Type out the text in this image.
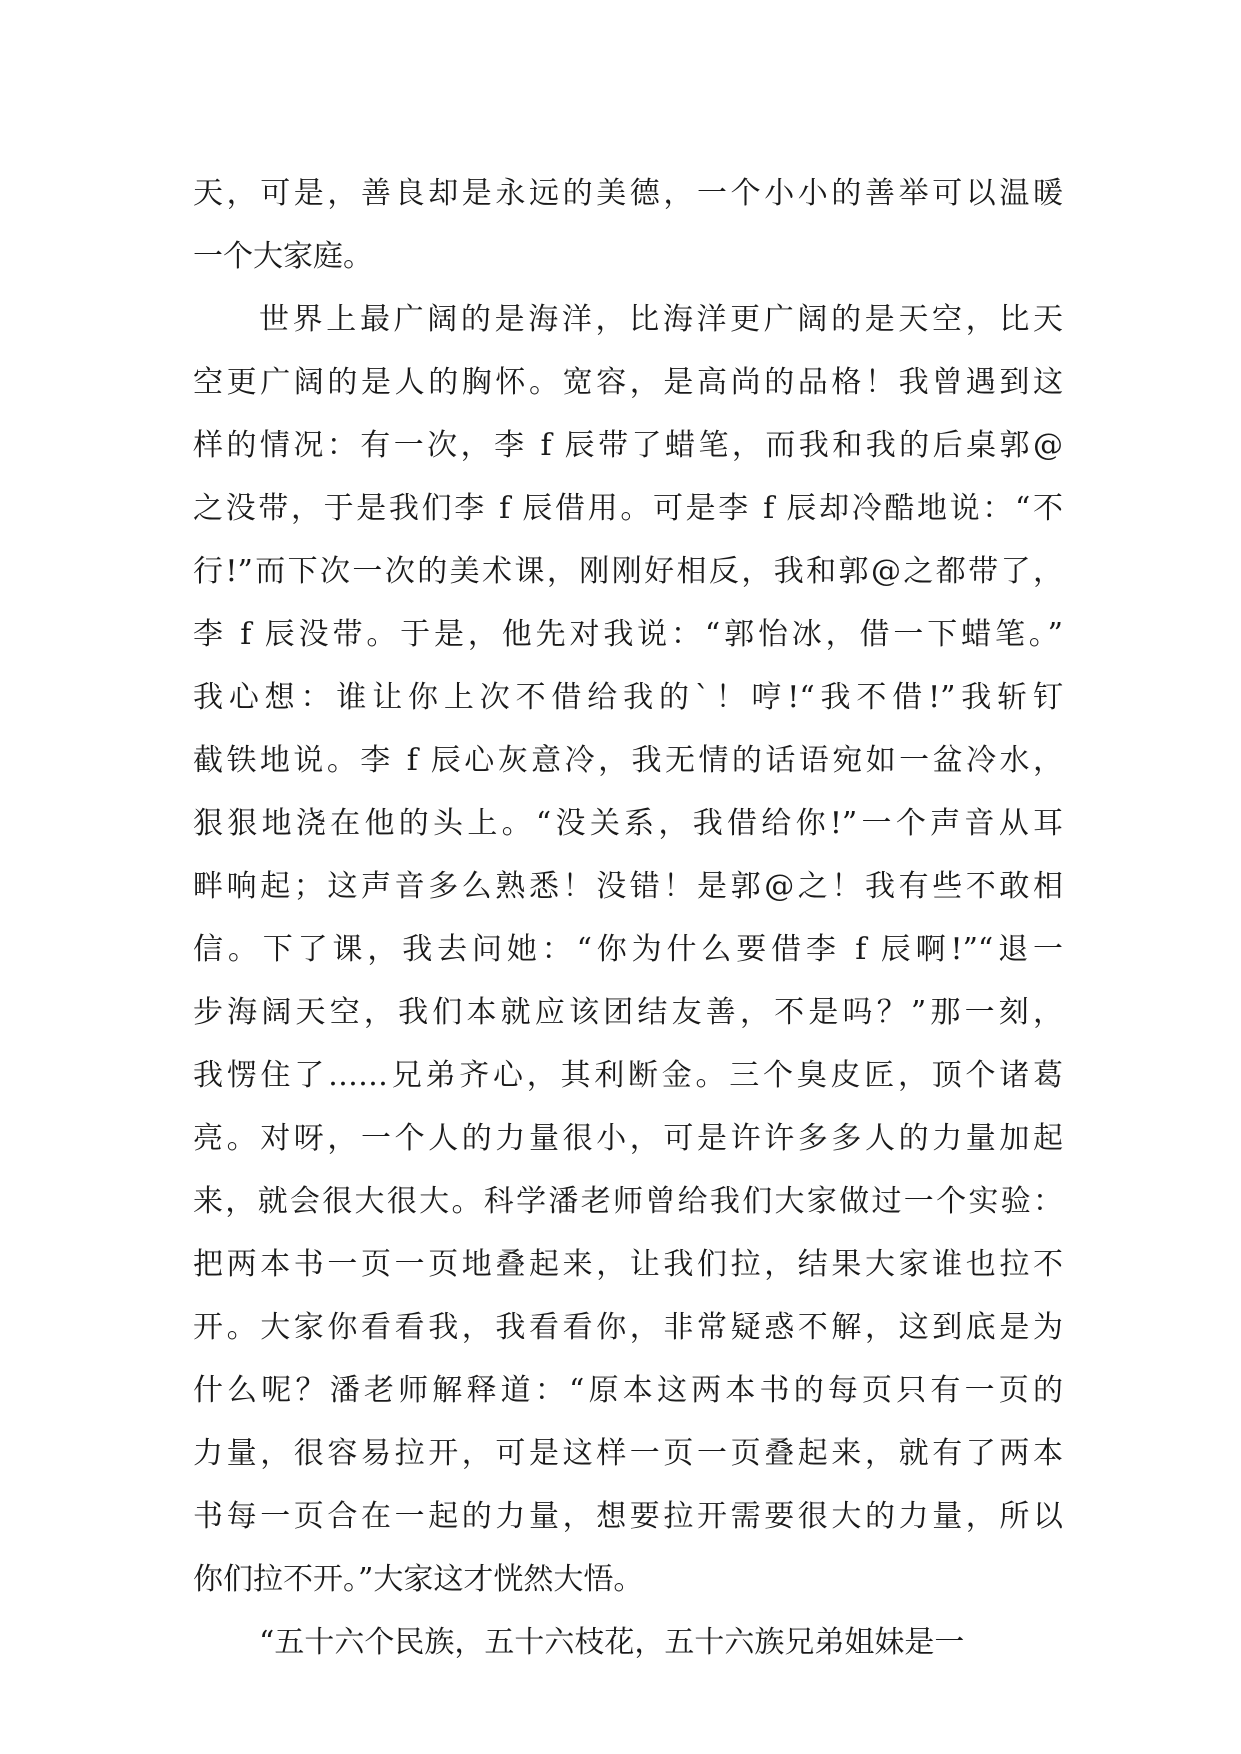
天，可是，善良却是永远的美德，一个小小的善举可以温暖
一个大家庭。
世界上最广阔的是海洋，比海洋更广阔的是天空，比天
空更广阔的是人的胸怀。宽容，是高尚的品格！我曾遇到这
样的情况：有一次，李 f 辰带了蜡笔，而我和我的后桌郭@
之没带，于是我们李 f 辰借用。可是李 f 辰却冷酷地说：“不
行!”而下次一次的美术课，刚刚好相反，我和郭@之都带了，
李 f 辰没带。于是，他先对我说：“郭怡冰，借一下蜡笔。”
我心想：谁让你上次不借给我的`！哼!“我不借!”我斩钉
截铁地说。李 f 辰心灰意冷，我无情的话语宛如一盆冷水，
狠狠地浇在他的头上。“没关系，我借给你!”一个声音从耳
畔响起；这声音多么熟悉！没错！是郭@之！我有些不敢相
信。下了课，我去问她：“你为什么要借李 f 辰啊!”“退一
步海阔天空，我们本就应该团结友善，不是吗？”那一刻，
我愣住了……兄弟齐心，其利断金。三个臭皮匠，顶个诸葛
亮。对呀，一个人的力量很小，可是许许多多人的力量加起
来，就会很大很大。科学潘老师曾给我们大家做过一个实验：
把两本书一页一页地叠起来，让我们拉，结果大家谁也拉不
开。大家你看看我，我看看你，非常疑惑不解，这到底是为
什么呢？潘老师解释道：“原本这两本书的每页只有一页的
力量，很容易拉开，可是这样一页一页叠起来，就有了两本
书每一页合在一起的力量，想要拉开需要很大的力量，所以
你们拉不开。”大家这才恍然大悟。
“五十六个民族，五十六枝花，五十六族兄弟姐妹是一
